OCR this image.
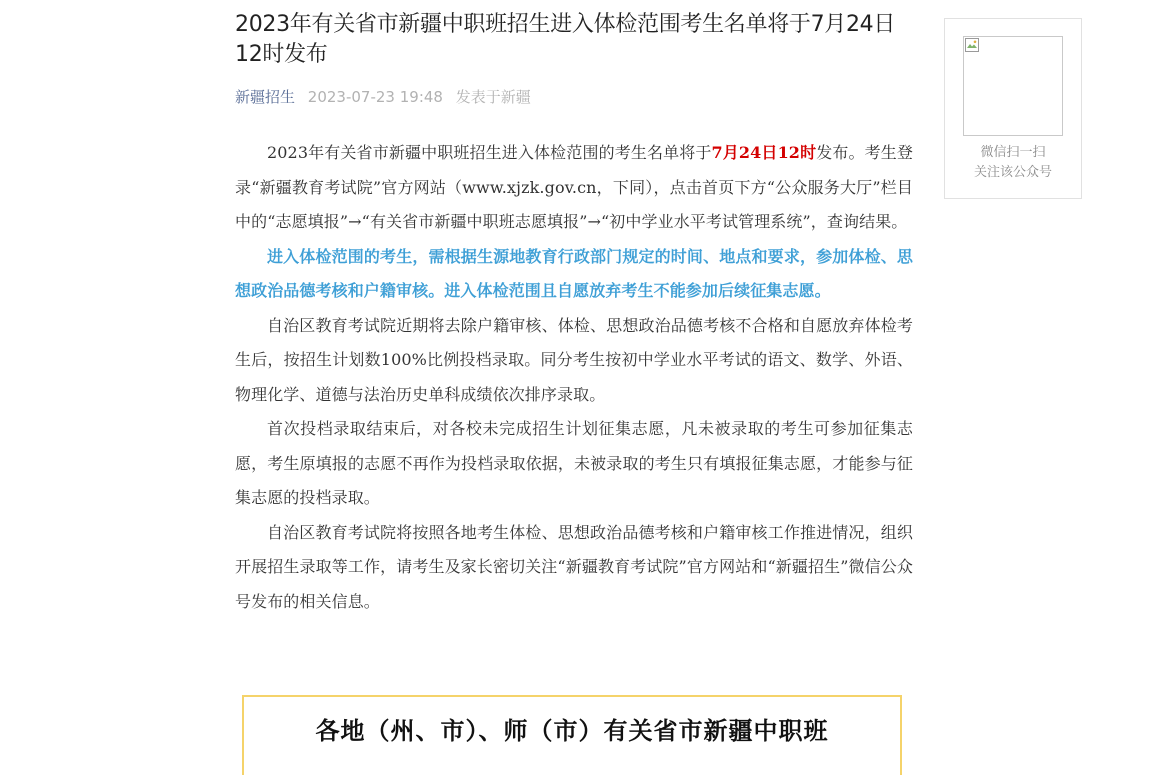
2023年有关省市新疆中职班招生进入体检范围考生名单将于7月24日12时发布
新疆招生 2023-07-23 19:48 发表于新疆

2023年有关省市新疆中职班招生进入体检范围的考生名单将于7月24日12时发布。考生登录“新疆教育考试院”官方网站（www.xjzk.gov.cn，下同），点击首页下方“公众服务大厅”栏目中的“志愿填报”→“有关省市新疆中职班志愿填报”→“初中学业水平考试管理系统”，查询结果。

进入体检范围的考生，需根据生源地教育行政部门规定的时间、地点和要求，参加体检、思想政治品德考核和户籍审核。进入体检范围且自愿放弃考生不能参加后续征集志愿。

自治区教育考试院近期将去除户籍审核、体检、思想政治品德考核不合格和自愿放弃体检考生后，按招生计划数100%比例投档录取。同分考生按初中学业水平考试的语文、数学、外语、物理化学、道德与法治历史单科成绩依次排序录取。

首次投档录取结束后，对各校未完成招生计划征集志愿，凡未被录取的考生可参加征集志愿，考生原填报的志愿不再作为投档录取依据，未被录取的考生只有填报征集志愿，才能参与征集志愿的投档录取。

自治区教育考试院将按照各地考生体检、思想政治品德考核和户籍审核工作推进情况，组织开展招生录取等工作，请考生及家长密切关注“新疆教育考试院”官方网站和“新疆招生”微信公众号发布的相关信息。

各地（州、市）、师（市）有关省市新疆中职班
微信扫一扫
关注该公众号
